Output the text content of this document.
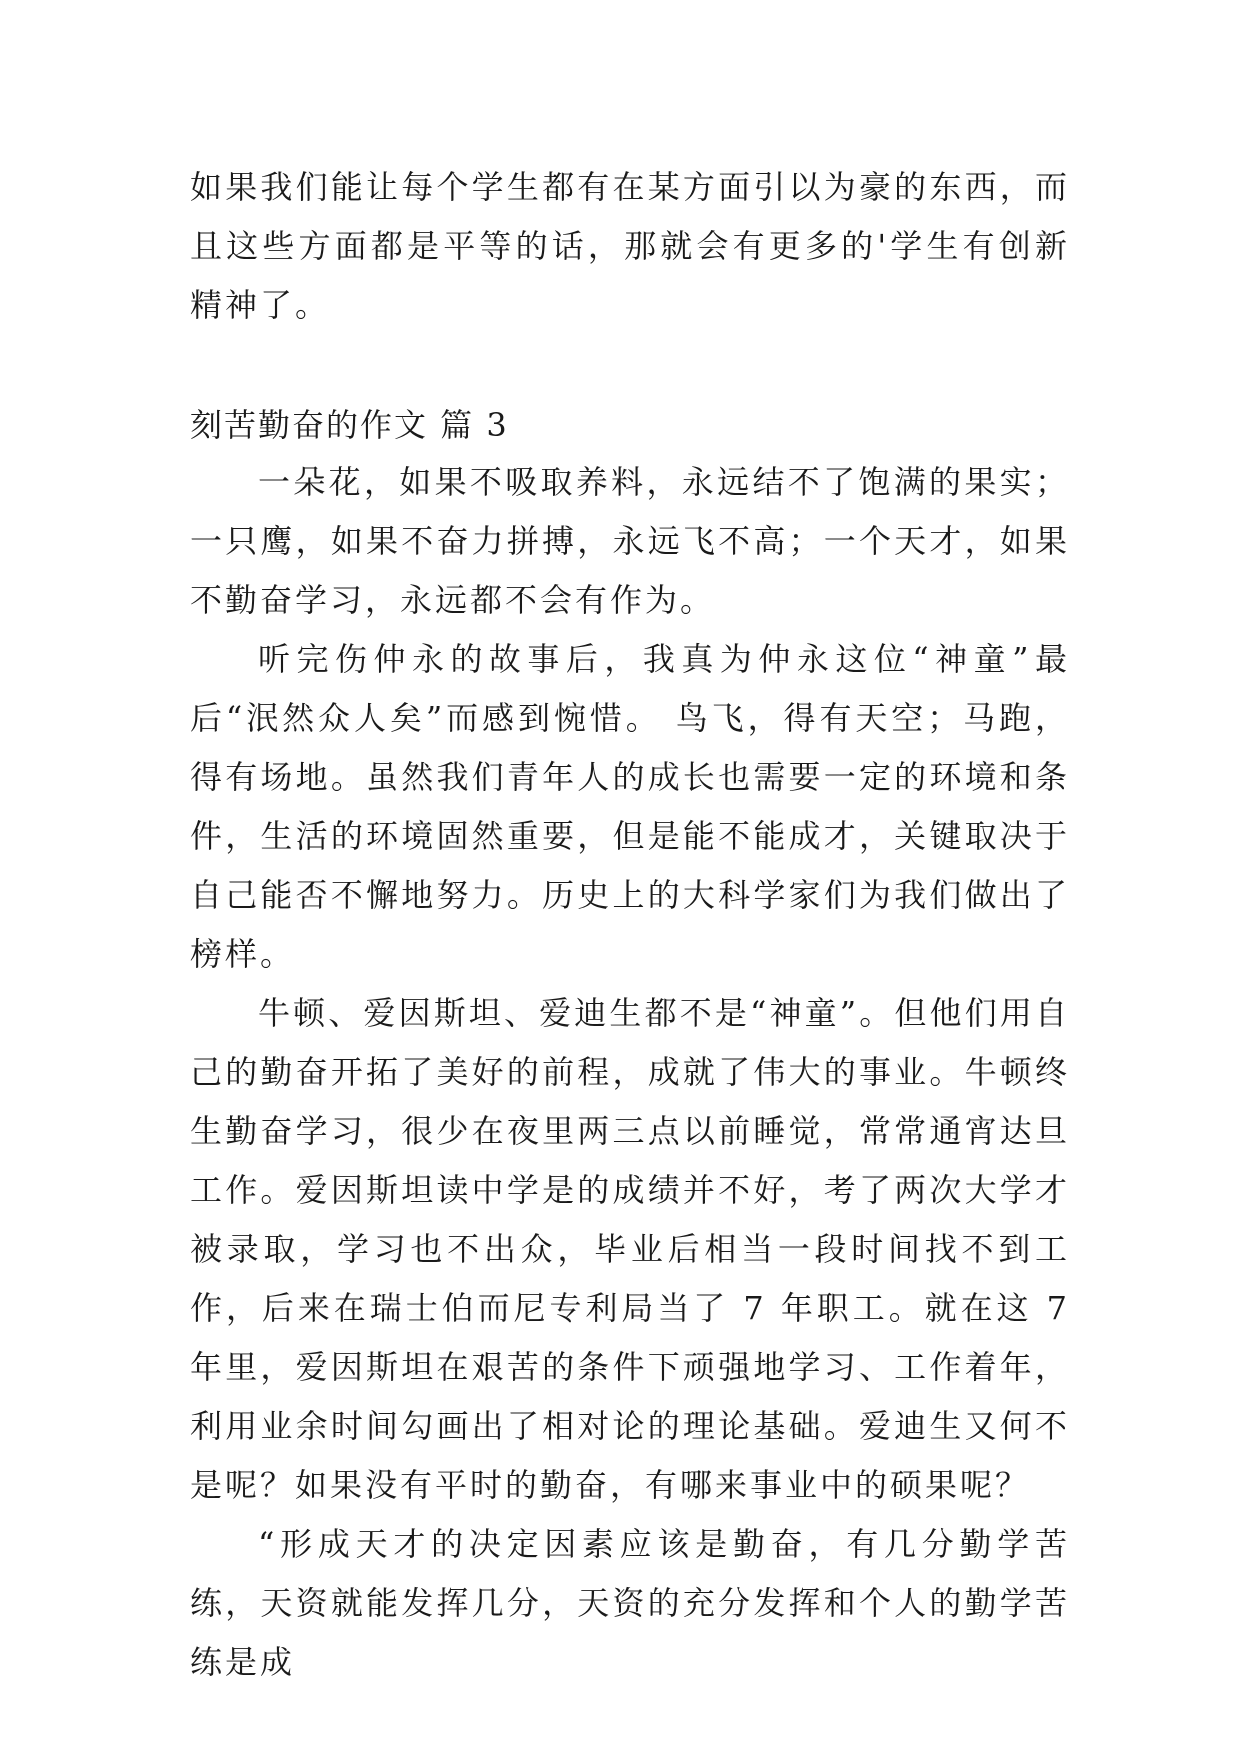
如果我们能让每个学生都有在某方面引以为豪的东西，而且这些方面都是平等的话，那就会有更多的'学生有创新精神了。
刻苦勤奋的作文 篇 3

一朵花，如果不吸取养料，永远结不了饱满的果实；一只鹰，如果不奋力拼搏，永远飞不高；一个天才，如果不勤奋学习，永远都不会有作为。

听完伤仲永的故事后，我真为仲永这位“神童”最后“泯然众人矣”而感到惋惜。 鸟飞，得有天空；马跑，得有场地。虽然我们青年人的成长也需要一定的环境和条件，生活的环境固然重要，但是能不能成才，关键取决于自己能否不懈地努力。历史上的大科学家们为我们做出了榜样。

牛顿、爱因斯坦、爱迪生都不是“神童”。但他们用自己的勤奋开拓了美好的前程，成就了伟大的事业。牛顿终生勤奋学习，很少在夜里两三点以前睡觉，常常通宵达旦工作。爱因斯坦读中学是的成绩并不好，考了两次大学才被录取，学习也不出众，毕业后相当一段时间找不到工作，后来在瑞士伯而尼专利局当了 7 年职工。就在这 7 年里，爱因斯坦在艰苦的条件下顽强地学习、工作着年，利用业余时间勾画出了相对论的理论基础。爱迪生又何不是呢？如果没有平时的勤奋，有哪来事业中的硕果呢？

“形成天才的决定因素应该是勤奋，有几分勤学苦练，天资就能发挥几分，天资的充分发挥和个人的勤学苦练是成
